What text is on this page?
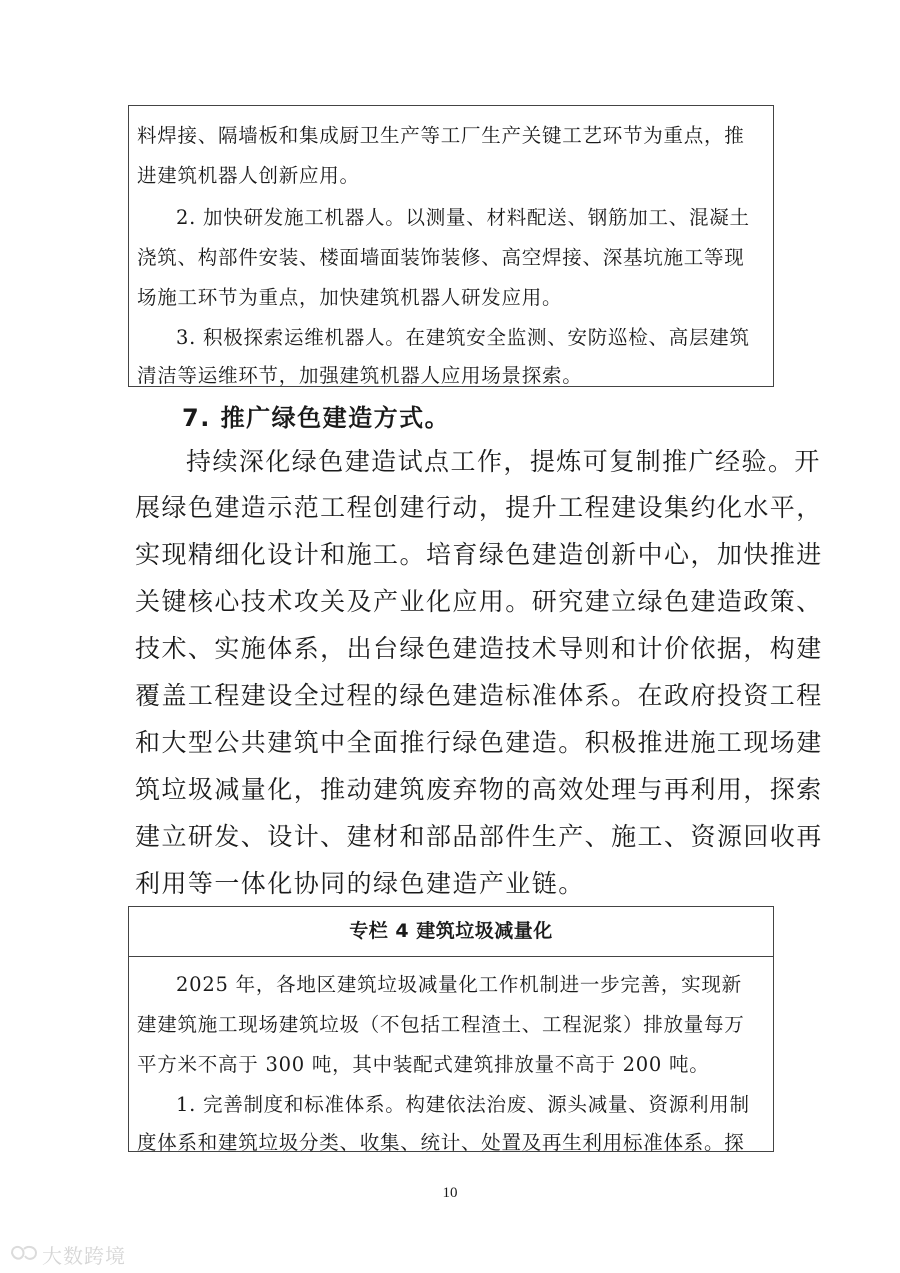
料焊接、隔墙板和集成厨卫生产等工厂生产关键工艺环节为重点，推
进建筑机器人创新应用。
2. 加快研发施工机器人。以测量、材料配送、钢筋加工、混凝土
浇筑、构部件安装、楼面墙面装饰装修、高空焊接、深基坑施工等现
场施工环节为重点，加快建筑机器人研发应用。
3. 积极探索运维机器人。在建筑安全监测、安防巡检、高层建筑
清洁等运维环节，加强建筑机器人应用场景探索。
7. 推广绿色建造方式。
持续深化绿色建造试点工作，提炼可复制推广经验。开
展绿色建造示范工程创建行动，提升工程建设集约化水平，
实现精细化设计和施工。培育绿色建造创新中心，加快推进
关键核心技术攻关及产业化应用。研究建立绿色建造政策、
技术、实施体系，出台绿色建造技术导则和计价依据，构建
覆盖工程建设全过程的绿色建造标准体系。在政府投资工程
和大型公共建筑中全面推行绿色建造。积极推进施工现场建
筑垃圾减量化，推动建筑废弃物的高效处理与再利用，探索
建立研发、设计、建材和部品部件生产、施工、资源回收再
利用等一体化协同的绿色建造产业链。
专栏 4 建筑垃圾减量化
2025 年，各地区建筑垃圾减量化工作机制进一步完善，实现新
建建筑施工现场建筑垃圾（不包括工程渣土、工程泥浆）排放量每万
平方米不高于 300 吨，其中装配式建筑排放量不高于 200 吨。
1. 完善制度和标准体系。构建依法治废、源头减量、资源利用制
度体系和建筑垃圾分类、收集、统计、处置及再生利用标准体系。探
10
大数跨境
